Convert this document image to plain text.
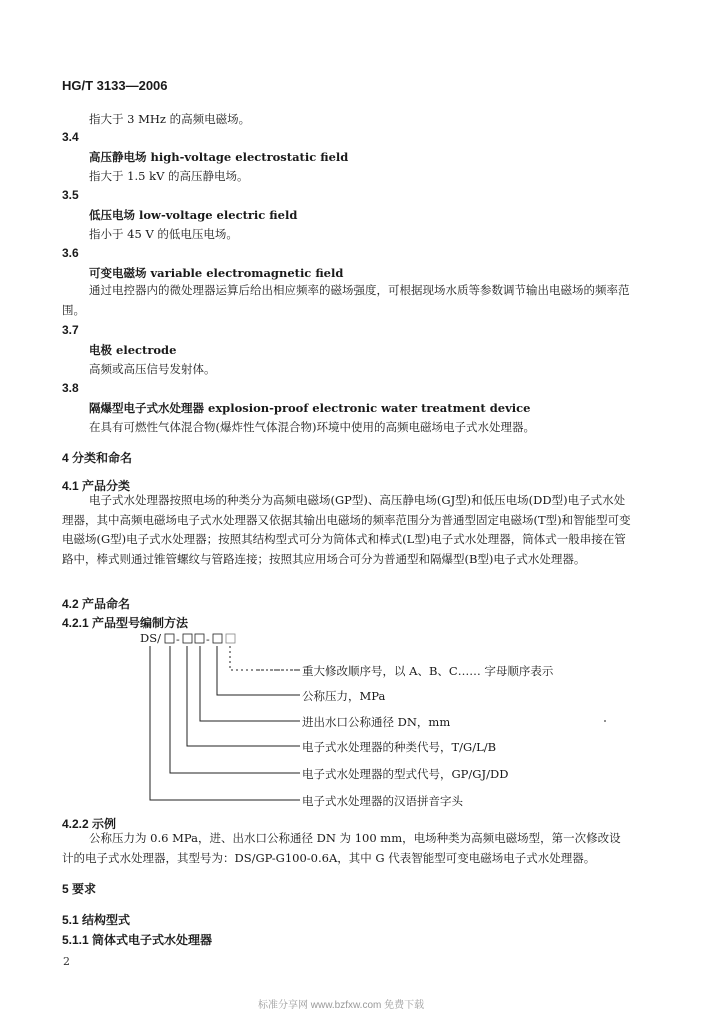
HG/T 3133—2006
指大于 3 MHz 的高频电磁场。
3.4
高压静电场 high-voltage electrostatic field
指大于 1.5 kV 的高压静电场。
3.5
低压电场 low-voltage electric field
指小于 45 V 的低电压电场。
3.6
可变电磁场 variable electromagnetic field
通过电控器内的微处理器运算后给出相应频率的磁场强度，可根据现场水质等参数调节输出电磁场的频率范围。
3.7
电极 electrode
高频或高压信号发射体。
3.8
隔爆型电子式水处理器 explosion-proof electronic water treatment device
在具有可燃性气体混合物(爆炸性气体混合物)环境中使用的高频电磁场电子式水处理器。
4 分类和命名
4.1 产品分类
电子式水处理器按照电场的种类分为高频电磁场(GP型)、高压静电场(GJ型)和低压电场(DD型)电子式水处理器，其中高频电磁场电子式水处理器又依据其输出电磁场的频率范围分为普通型固定电磁场(T型)和智能型可变电磁场(G型)电子式水处理器；按照其结构型式可分为筒体式和棒式(L型)电子式水处理器，筒体式一般串接在管路中，棒式则通过锥管螺纹与管路连接；按照其应用场合可分为普通型和隔爆型(B型)电子式水处理器。
4.2 产品命名
4.2.1 产品型号编制方法
DS/ - -
重大修改顺序号，以 A、B、C…… 字母顺序表示
公称压力，MPa
进出水口公称通径 DN，mm
电子式水处理器的种类代号，T/G/L/B
电子式水处理器的型式代号，GP/GJ/DD
电子式水处理器的汉语拼音字头
4.2.2 示例
公称压力为 0.6 MPa，进、出水口公称通径 DN 为 100 mm，电场种类为高频电磁场型，第一次修改设计的电子式水处理器，其型号为：DS/GP-G100-0.6A，其中 G 代表智能型可变电磁场电子式水处理器。
5 要求
5.1 结构型式
5.1.1 筒体式电子式水处理器
2
标准分享网 www.bzfxw.com 免费下载
